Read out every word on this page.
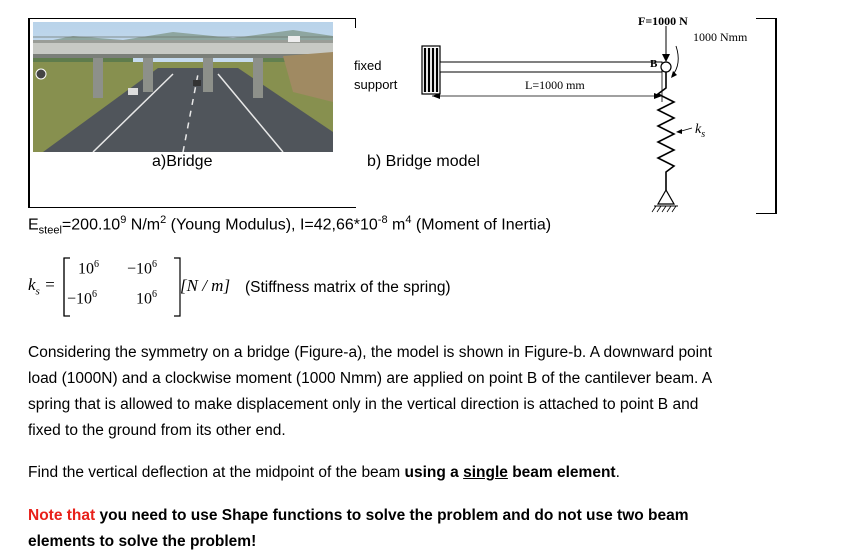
a)Bridge
fixed
support	L=1000 mm
F=1000 N
1000 Nmm
B
$k_s$
b) Bridge model
$E_{steel}=200.10^9$ $N/m^2$ (Young Modulus), $I=42,66*10^{-8}$ $m^4$ (Moment of Inertia)
$k_s$ =
$10^6 -10^6$
$-10^6$ $10^6$ [N / m] (Stiffness matrix of the spring)
Considering the symmetry on a bridge (Figure-a), the model is shown in Figure-b. A downward point
load (1000N) and a clockwise moment (1000 Nmm) are applied on point B of the cantilever beam. A
spring that is allowed to make displacement only in the vertical direction is attached to point B and
fixed to the ground from its other end.
Find the vertical deflection at the midpoint of the beam using a single beam element.
Note that you need to use Shape functions to solve the problem and do not use two beam
elements to solve the problem!
